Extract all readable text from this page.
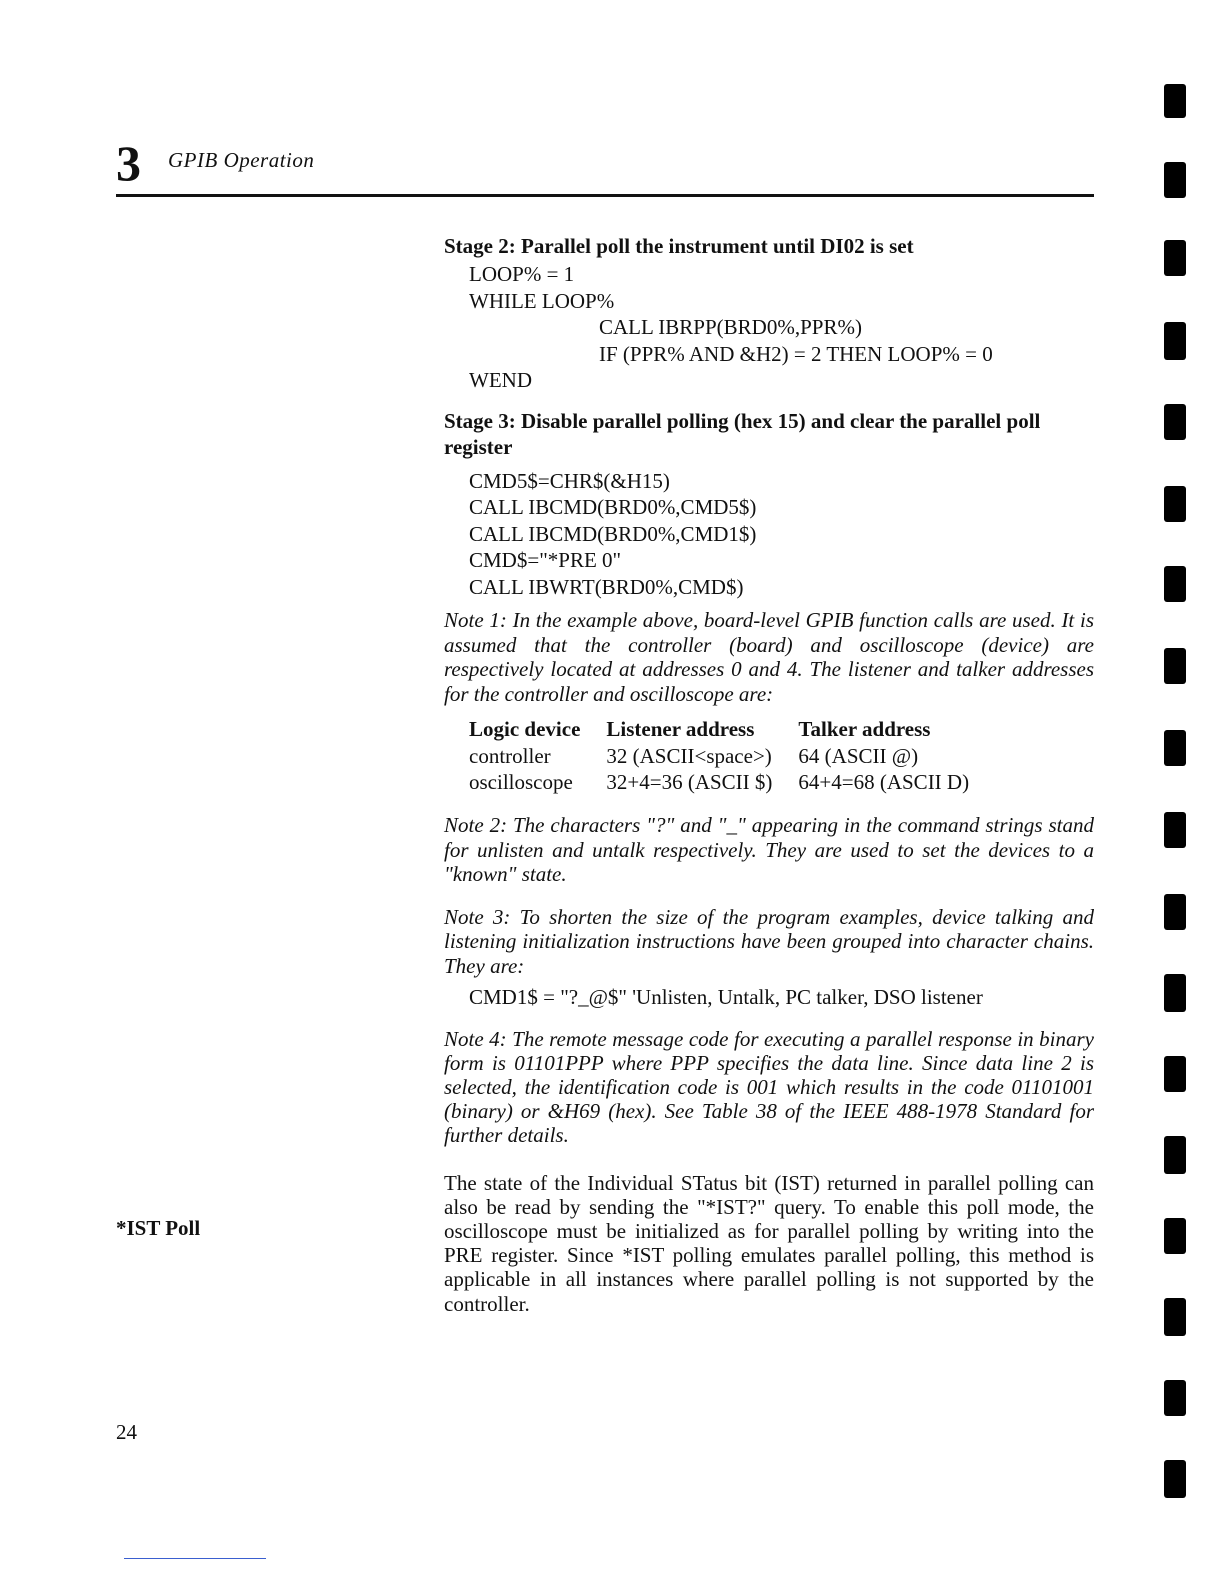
3 GPIB Operation

Stage 2: Parallel poll the instrument until DI02 is set

LOOP% = 1
WHILE LOOP%
CALL IBRPP(BRD0%,PPR%)
IF (PPR% AND &H2) = 2 THEN LOOP% = 0
WEND

Stage 3: Disable parallel polling (hex 15) and clear the parallel poll register

CMD5$=CHR$(&H15)
CALL IBCMD(BRD0%,CMD5$)
CALL IBCMD(BRD0%,CMD1$)
CMD$="*PRE 0"
CALL IBWRT(BRD0%,CMD$)

Note 1: In the example above, board-level GPIB function calls are used. It is assumed that the controller (board) and oscilloscope (device) are respectively located at addresses 0 and 4. The listener and talker addresses for the controller and oscilloscope are:

Logic device	Listener address	Talker address
controller	32 (ASCII<space>)	64 (ASCII @)
oscilloscope	32+4=36 (ASCII $)	64+4=68 (ASCII D)

Note 2: The characters "?" and "_" appearing in the command strings stand for unlisten and untalk respectively. They are used to set the devices to a "known" state.

Note 3: To shorten the size of the program examples, device talking and listening initialization instructions have been grouped into character chains. They are:

CMD1$ = "?_@$" 'Unlisten, Untalk, PC talker, DSO listener

Note 4: The remote message code for executing a parallel response in binary form is 01101PPP where PPP specifies the data line. Since data line 2 is selected, the identification code is 001 which results in the code 01101001 (binary) or &H69 (hex). See Table 38 of the IEEE 488-1978 Standard for further details.

The state of the Individual STatus bit (IST) returned in parallel polling can also be read by sending the "*IST?" query. To enable this poll mode, the oscilloscope must be initialized as for parallel polling by writing into the PRE register. Since *IST polling emulates parallel polling, this method is applicable in all instances where parallel polling is not supported by the controller.

*IST Poll
24
